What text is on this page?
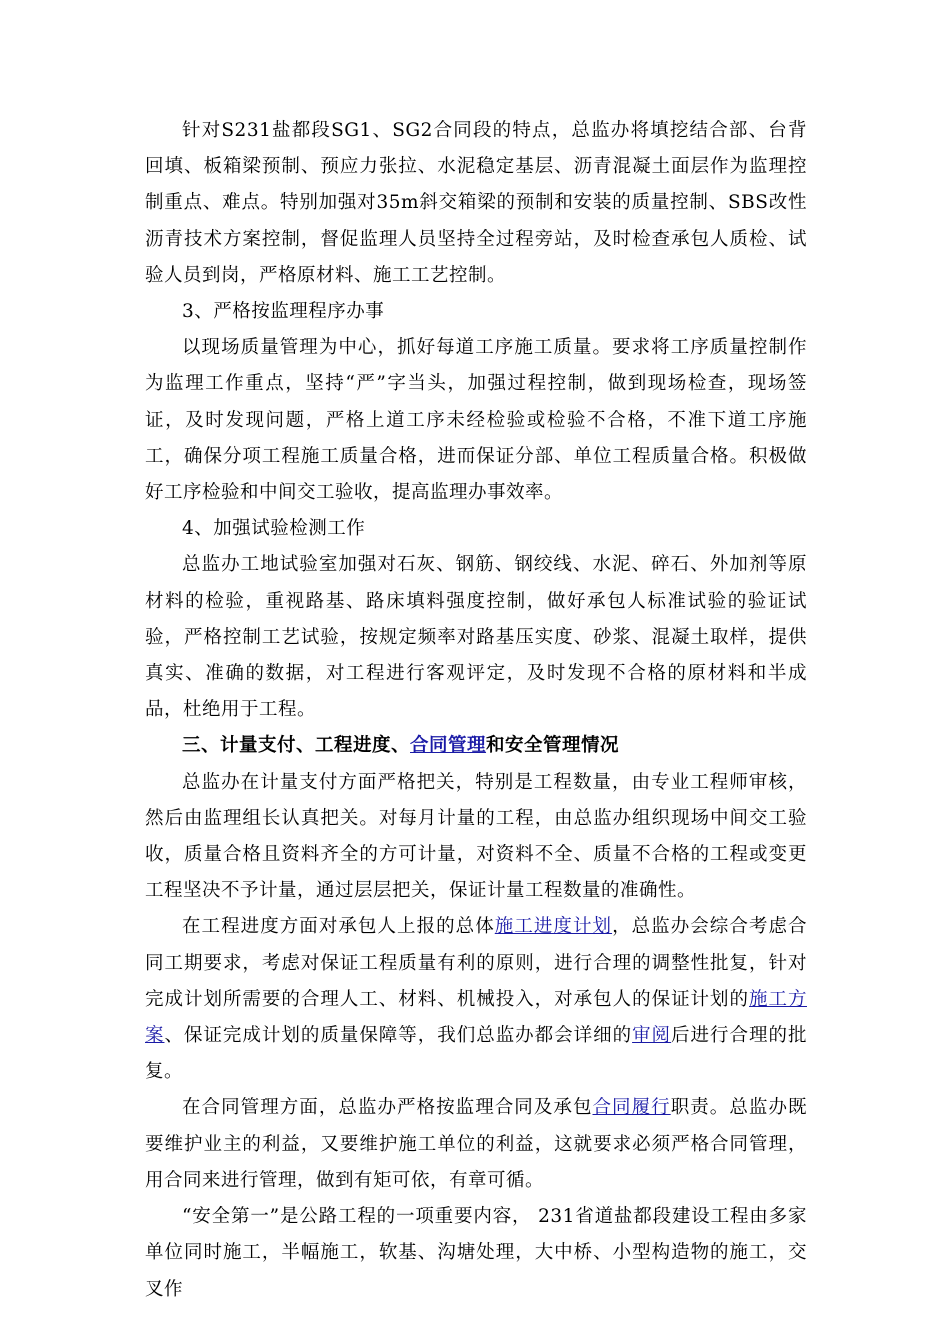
针对S231盐都段SG1、SG2合同段的特点，总监办将填挖结合部、台背回填、板箱梁预制、预应力张拉、水泥稳定基层、沥青混凝土面层作为监理控制重点、难点。特别加强对35m斜交箱梁的预制和安装的质量控制、SBS改性沥青技术方案控制，督促监理人员坚持全过程旁站，及时检查承包人质检、试验人员到岗，严格原材料、施工工艺控制。

3、严格按监理程序办事

以现场质量管理为中心，抓好每道工序施工质量。要求将工序质量控制作为监理工作重点，坚持“严”字当头，加强过程控制，做到现场检查，现场签证，及时发现问题，严格上道工序未经检验或检验不合格，不准下道工序施工，确保分项工程施工质量合格，进而保证分部、单位工程质量合格。积极做好工序检验和中间交工验收，提高监理办事效率。

4、加强试验检测工作

总监办工地试验室加强对石灰、钢筋、钢绞线、水泥、碎石、外加剂等原材料的检验，重视路基、路床填料强度控制，做好承包人标准试验的验证试验，严格控制工艺试验，按规定频率对路基压实度、砂浆、混凝土取样，提供真实、准确的数据，对工程进行客观评定，及时发现不合格的原材料和半成品，杜绝用于工程。

三、计量支付、工程进度、合同管理和安全管理情况

总监办在计量支付方面严格把关，特别是工程数量，由专业工程师审核，然后由监理组长认真把关。对每月计量的工程，由总监办组织现场中间交工验收，质量合格且资料齐全的方可计量，对资料不全、质量不合格的工程或变更工程坚决不予计量，通过层层把关，保证计量工程数量的准确性。

在工程进度方面对承包人上报的总体施工进度计划，总监办会综合考虑合同工期要求，考虑对保证工程质量有利的原则，进行合理的调整性批复，针对完成计划所需要的合理人工、材料、机械投入，对承包人的保证计划的施工方案、保证完成计划的质量保障等，我们总监办都会详细的审阅后进行合理的批复。

在合同管理方面，总监办严格按监理合同及承包合同履行职责。总监办既要维护业主的利益，又要维护施工单位的利益，这就要求必须严格合同管理，用合同来进行管理，做到有矩可依，有章可循。

“安全第一”是公路工程的一项重要内容， 231省道盐都段建设工程由多家单位同时施工，半幅施工，软基、沟塘处理，大中桥、小型构造物的施工，交叉作
